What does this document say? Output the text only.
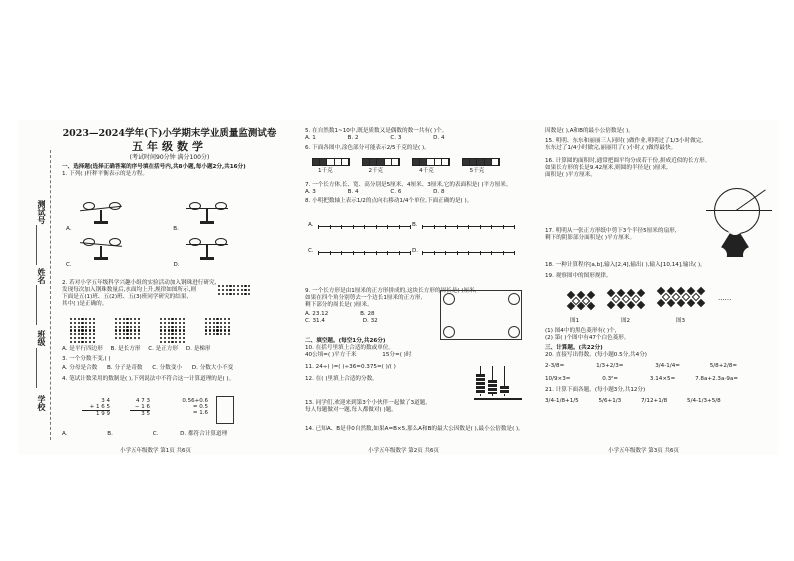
测试号
姓名
班级
学校
2023—2024学年(下)小学期末学业质量监测试卷
五年级数学
(考试时间90分钟 满分100分)
一、选择题(选择正确答案的序号填在括号内,共8小题,每小题2分,共16分)
1. 下列( )杆秤平衡表示的是方程。
A.	B.
C.	D.
2. 若对小学五年级科学兴趣小组的实验活动加入钢珠进行研究,
发现每次加入钢珠数量后,水面均上升,规律如图所示,则
下面是五(1)班、五(2)班、五(3)班同学研究的结果,
其中( )是正确的。
A. 是平行四边形 B. 是长方形 C. 是正方形 D. 是梯形
3. 一个分数不变,( )
A. 分母是合数 B. 分子是奇数 C. 分数变小 D. 分数大小不变
4. 笔试计数采用的数制是( ),下列说法中不符合这一计算道理的是( )。
3 4
+ 1 6 5
1 9 9
4 7 3
− 1 6
3 5
0.56+0.6
= 0.5
= 1.6
A.	B.	C.	D. 都符合计算道理
小学五年级数学 第1页 共6页
5. 在自然数1~10中,既是质数又是偶数的数一共有( )个。
A. 1	B. 2	C. 3	D. 4
6. 下面各图中,涂色部分可能表示2/5千克的是( )。
1千克	2千克	4千克	5千克
7. 一个长方体,长、宽、高分别是5厘米、4厘米、3厘米,它的表面积是( )平方厘米。
A. 3	B. 4	C. 6	D. 8
8. 小明把数轴上表示1/2的点向右移动1/4个单位,下面正确的是( )。
A.	B.
C.	D.
9. 一个长方形是由1厘米的正方形拼成的,这块长方形的周长是( )厘米,
如果在四个角分别剪去一个边长1厘米的正方形,
剩下部分的周长是( )厘米。
A. 23.12	B. 28
C. 31.4	D. 32
二、填空题。(每空1分,共26分)
10. 在括号里填上合适的数或单位。
40公顷=( )平方千米	15分=( )时
11. 24÷( )=( )÷36=0.375=( )/( )
12. 在( )里填上合适的分数。
13. 同学们,欢迎来到第3个小伙伴一起做了3道题,
每人每题做对一题,每人都做对( )题。
14. 已知A、B是非0自然数,如果A=B×5,那么A和B的最大公因数是( ),最小公倍数是( )。
小学五年级数学 第2页 共6页
因数是( ),A和B的最小公倍数是( )。
15. 明明、东东和丽丽三人同时( )做作业,明明过了1/3小时做完,
东东过了1/4小时做完,丽丽用了( )小时,( )做得最快。
16. 计算圆的面积时,通常把圆平均分成若干份,拼成近似的长方形。
如果长方形的长是9.42厘米,则圆的半径是( )厘米,
面积是( )平方厘米。
17. 明明从一张正方形纸中剪下3个半径5厘米的扇形,
剩下的阴影部分面积是( )平方厘米。
18. 一种计算程序[a,b],输入[2,4],输出( ),输入[10,14],输出( )。
19. 观察图中的图形规律。
······
图1	图2	图3
(1) 图4中的黑色菱形有( )个,
(2) 第( )个图中有47个白色菱形。
三、计算题。(共22分)
20. 直接写出得数。(每小题0.5分,共4分)
2-3/8=	1/3+2/3=	3/4-1/4=	5/8+2/8=
10/9×3=	0.3²=	3.14×5=	7.8a+2.3a-9a=
21. 计算下面各题。(每小题3分,共12分)
3/4-1/8+1/5	5/6+1/3	7/12+1/8	5/4-1/3+5/8
小学五年级数学 第3页 共6页
